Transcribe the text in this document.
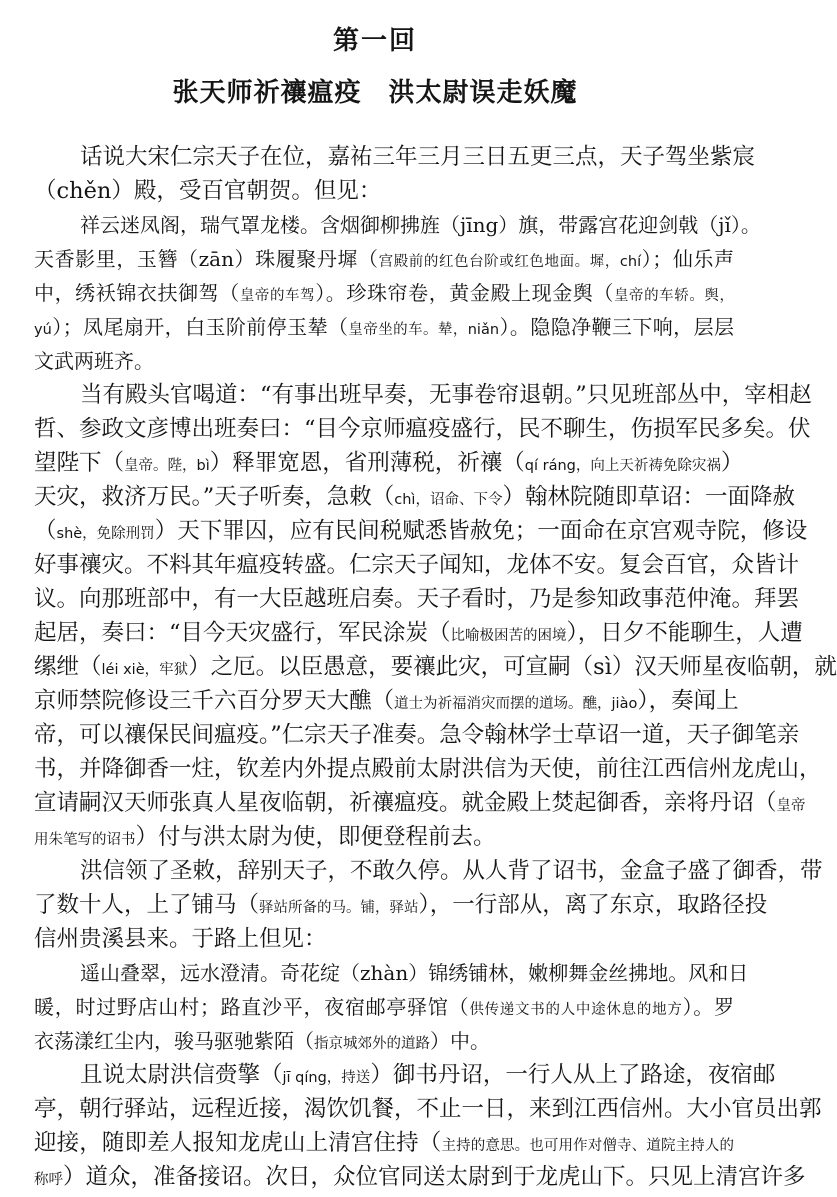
第一回
张天师祈禳瘟疫　洪太尉误走妖魔
话说大宋仁宗天子在位，嘉祐三年三月三日五更三点，天子驾坐紫宸
（chěn）殿，受百官朝贺。但见：
祥云迷凤阁，瑞气罩龙楼。含烟御柳拂旌（jīng）旗，带露宫花迎剑戟（jǐ）。
天香影里，玉簪（zān）珠履聚丹墀（宫殿前的红色台阶或红色地面。墀，chí）；仙乐声
中，绣袄锦衣扶御驾（皇帝的车驾）。珍珠帘卷，黄金殿上现金舆（皇帝的车轿。舆，
yú）；凤尾扇开，白玉阶前停玉辇（皇帝坐的车。辇，niǎn）。隐隐净鞭三下响，层层
文武两班齐。
当有殿头官喝道：“有事出班早奏，无事卷帘退朝。”只见班部丛中，宰相赵
哲、参政文彦博出班奏曰：“目今京师瘟疫盛行，民不聊生，伤损军民多矣。伏
望陛下（皇帝。陛，bì）释罪宽恩，省刑薄税，祈禳（qí ráng，向上天祈祷免除灾祸）
天灾，救济万民。”天子听奏，急敕（chì，诏命、下令）翰林院随即草诏：一面降赦
（shè，免除刑罚）天下罪囚，应有民间税赋悉皆赦免；一面命在京宫观寺院，修设
好事禳灾。不料其年瘟疫转盛。仁宗天子闻知，龙体不安。复会百官，众皆计
议。向那班部中，有一大臣越班启奏。天子看时，乃是参知政事范仲淹。拜罢
起居，奏曰：“目今天灾盛行，军民涂炭（比喻极困苦的困境），日夕不能聊生，人遭
缧绁（léi xiè，牢狱）之厄。以臣愚意，要禳此灾，可宣嗣（sì）汉天师星夜临朝，就
京师禁院修设三千六百分罗天大醮（道士为祈福消灾而摆的道场。醮，jiào），奏闻上
帝，可以禳保民间瘟疫。”仁宗天子准奏。急令翰林学士草诏一道，天子御笔亲
书，并降御香一炷，钦差内外提点殿前太尉洪信为天使，前往江西信州龙虎山，
宣请嗣汉天师张真人星夜临朝，祈禳瘟疫。就金殿上焚起御香，亲将丹诏（皇帝
用朱笔写的诏书）付与洪太尉为使，即便登程前去。
洪信领了圣敕，辞别天子，不敢久停。从人背了诏书，金盒子盛了御香，带
了数十人，上了铺马（驿站所备的马。铺，驿站），一行部从，离了东京，取路径投
信州贵溪县来。于路上但见：
遥山叠翠，远水澄清。奇花绽（zhàn）锦绣铺林，嫩柳舞金丝拂地。风和日
暖，时过野店山村；路直沙平，夜宿邮亭驿馆（供传递文书的人中途休息的地方）。罗
衣荡漾红尘内，骏马驱驰紫陌（指京城郊外的道路）中。
且说太尉洪信赍擎（jī qíng，持送）御书丹诏，一行人从上了路途，夜宿邮
亭，朝行驿站，远程近接，渴饮饥餐，不止一日，来到江西信州。大小官员出郭
迎接，随即差人报知龙虎山上清宫住持（主持的意思。也可用作对僧寺、道院主持人的
称呼）道众，准备接诏。次日，众位官同送太尉到于龙虎山下。只见上清宫许多
